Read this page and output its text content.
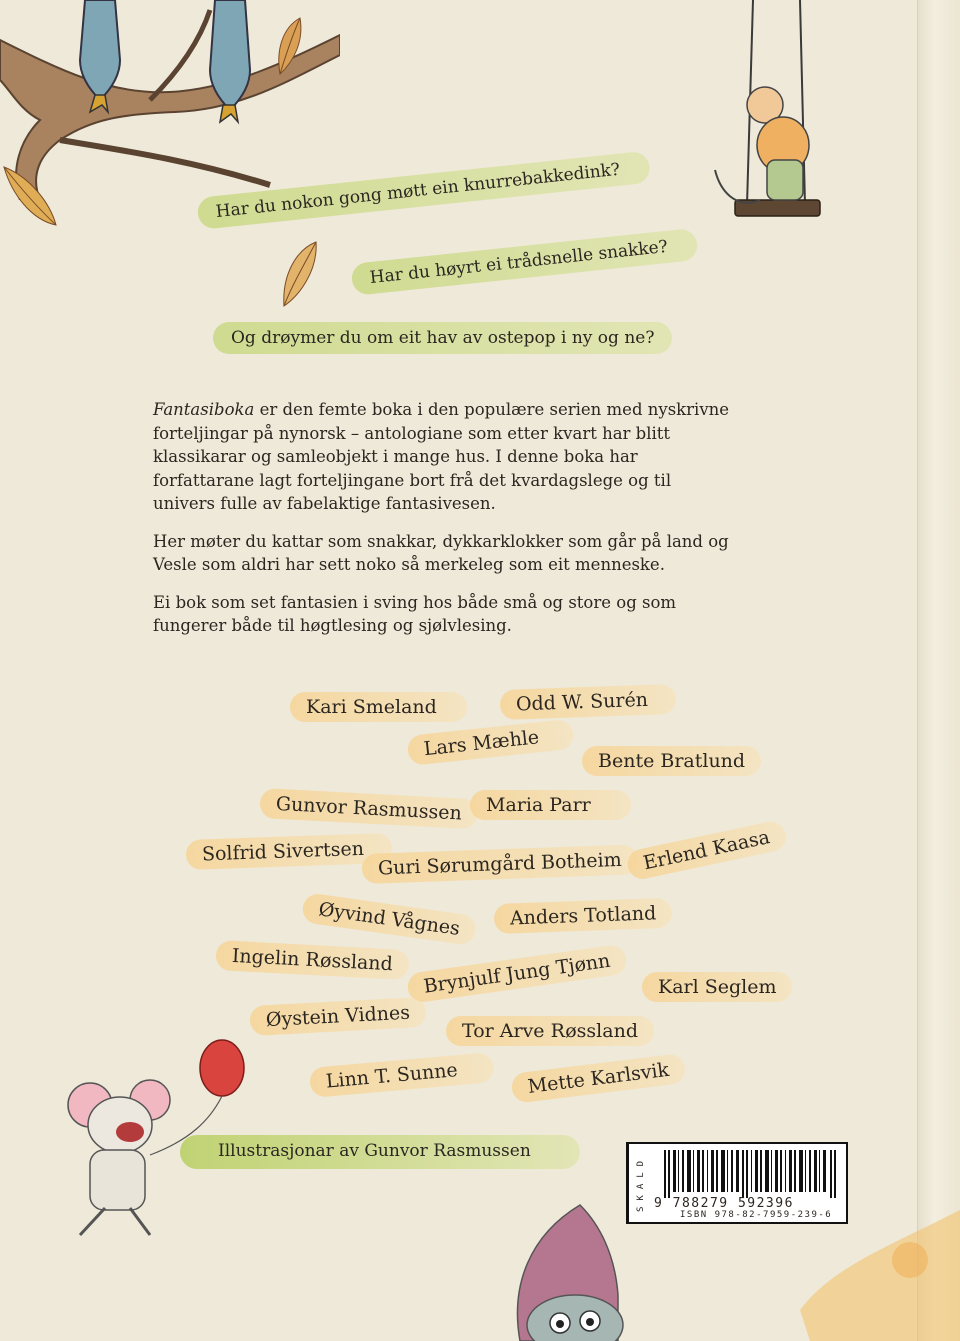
Har du nokon gong møtt ein knurrebakkedink?
Har du høyrt ei trådsnelle snakke?
Og drøymer du om eit hav av ostepop i ny og ne?

Fantasiboka er den femte boka i den populære serien med nyskrivne forteljingar på nynorsk – antologiane som etter kvart har blitt klassikarar og samleobjekt i mange hus. I denne boka har forfattarane lagt forteljingane bort frå det kvardagslege og til univers fulle av fabelaktige fantasivesen.

Her møter du kattar som snakkar, dykkarklokker som går på land og Vesle som aldri har sett noko så merkeleg som eit menneske.

Ei bok som set fantasien i sving hos både små og store og som fungerer både til høgtlesing og sjølvlesing.

Kari Smeland	Odd W. Surén
Lars Mæhle
Bente Bratlund
Gunvor Rasmussen	Maria Parr
Solfrid Sivertsen Guri Sørumgård Botheim	Erlend Kaasa
Øyvind Vågnes	Anders Totland
Ingelin Røssland	Brynjulf Jung Tjønn	Karl Seglem
Øystein Vidnes	Tor Arve Røssland
Linn T. Sunne	Mette Karlsvik
Illustrasjonar av Gunvor Rasmussen
SKALD 9 788279 592396
ISBN 978-82-7959-239-6
